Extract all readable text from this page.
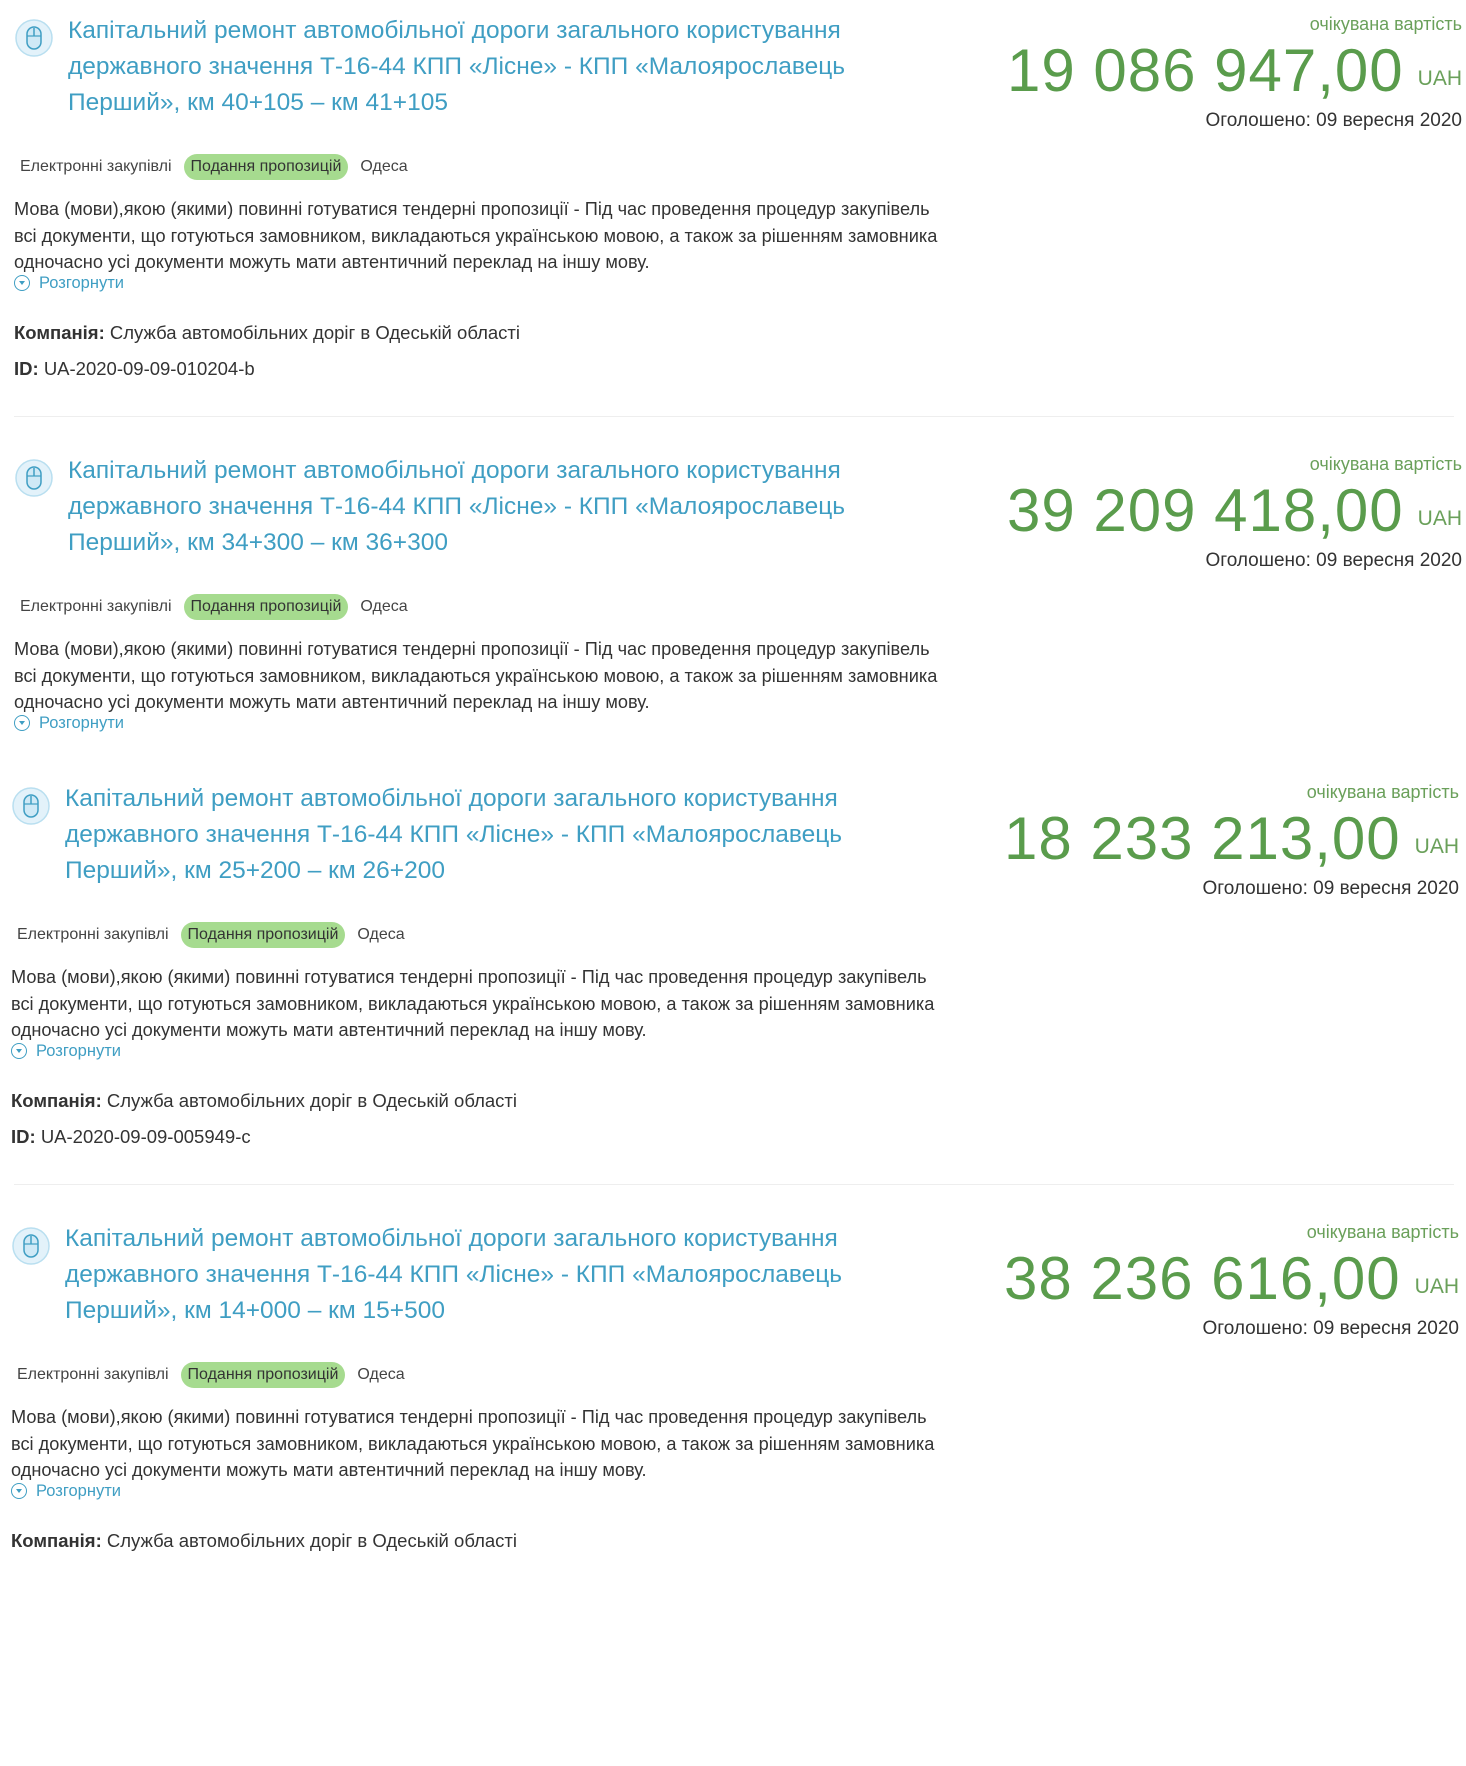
Капітальний ремонт автомобільної дороги загального користування державного значення Т-16-44 КПП «Лісне» - КПП «Малоярославець Перший», км 40+105 – км 41+105
очікувана вартість
19 086 947,00 UAH
Оголошено: 09 вересня 2020
Електронні закупівлі	Подання пропозицій	Одеса
Мова (мови),якою (якими) повинні готуватися тендерні пропозиції - Під час проведення процедур закупівель всі документи, що готуються замовником, викладаються українською мовою, а також за рішенням замовника одночасно усі документи можуть мати автентичний переклад на іншу мову.
Розгорнути
Компанія: Служба автомобільних доріг в Одеській області
ID: UA-2020-09-09-010204-b
Капітальний ремонт автомобільної дороги загального користування державного значення Т-16-44 КПП «Лісне» - КПП «Малоярославець Перший», км 34+300 – км 36+300
очікувана вартість
39 209 418,00 UAH
Оголошено: 09 вересня 2020
Електронні закупівлі	Подання пропозицій	Одеса
Мова (мови),якою (якими) повинні готуватися тендерні пропозиції - Під час проведення процедур закупівель всі документи, що готуються замовником, викладаються українською мовою, а також за рішенням замовника одночасно усі документи можуть мати автентичний переклад на іншу мову.
Розгорнути
Капітальний ремонт автомобільної дороги загального користування державного значення Т-16-44 КПП «Лісне» - КПП «Малоярославець Перший», км 25+200 – км 26+200
очікувана вартість
18 233 213,00 UAH
Оголошено: 09 вересня 2020
Електронні закупівлі	Подання пропозицій	Одеса
Мова (мови),якою (якими) повинні готуватися тендерні пропозиції - Під час проведення процедур закупівель всі документи, що готуються замовником, викладаються українською мовою, а також за рішенням замовника одночасно усі документи можуть мати автентичний переклад на іншу мову.
Розгорнути
Компанія: Служба автомобільних доріг в Одеській області
ID: UA-2020-09-09-005949-c
Капітальний ремонт автомобільної дороги загального користування державного значення Т-16-44 КПП «Лісне» - КПП «Малоярославець Перший», км 14+000 – км 15+500
очікувана вартість
38 236 616,00 UAH
Оголошено: 09 вересня 2020
Електронні закупівлі	Подання пропозицій	Одеса
Мова (мови),якою (якими) повинні готуватися тендерні пропозиції - Під час проведення процедур закупівель всі документи, що готуються замовником, викладаються українською мовою, а також за рішенням замовника одночасно усі документи можуть мати автентичний переклад на іншу мову.
Розгорнути
Компанія: Служба автомобільних доріг в Одеській області
